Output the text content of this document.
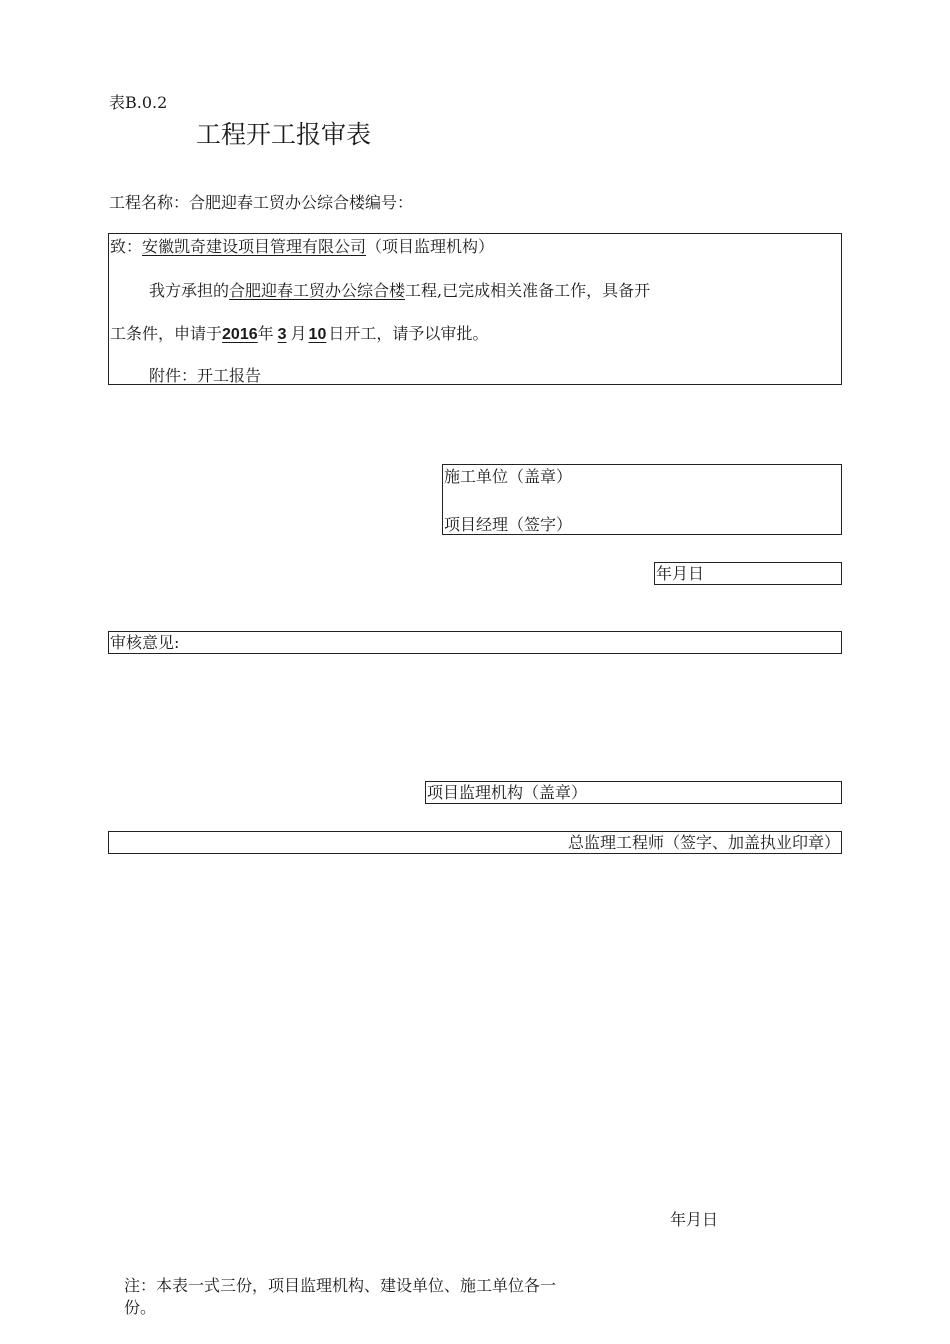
表B.0.2
工程开工报审表
工程名称：合肥迎春工贸办公综合楼编号：
致：安徽凯奇建设项目管理有限公司（项目监理机构）
我方承担的合肥迎春工贸办公综合楼工程,已完成相关准备工作，具备开
工条件，申请于2016年 3 月 10 日开工，请予以审批。
附件：开工报告
施工单位（盖章）
项目经理（签字）
年月日
审核意见:
项目监理机构（盖章）
总监理工程师（签字、加盖执业印章）
年月日
注：本表一式三份，项目监理机构、建设单位、施工单位各一
份。
